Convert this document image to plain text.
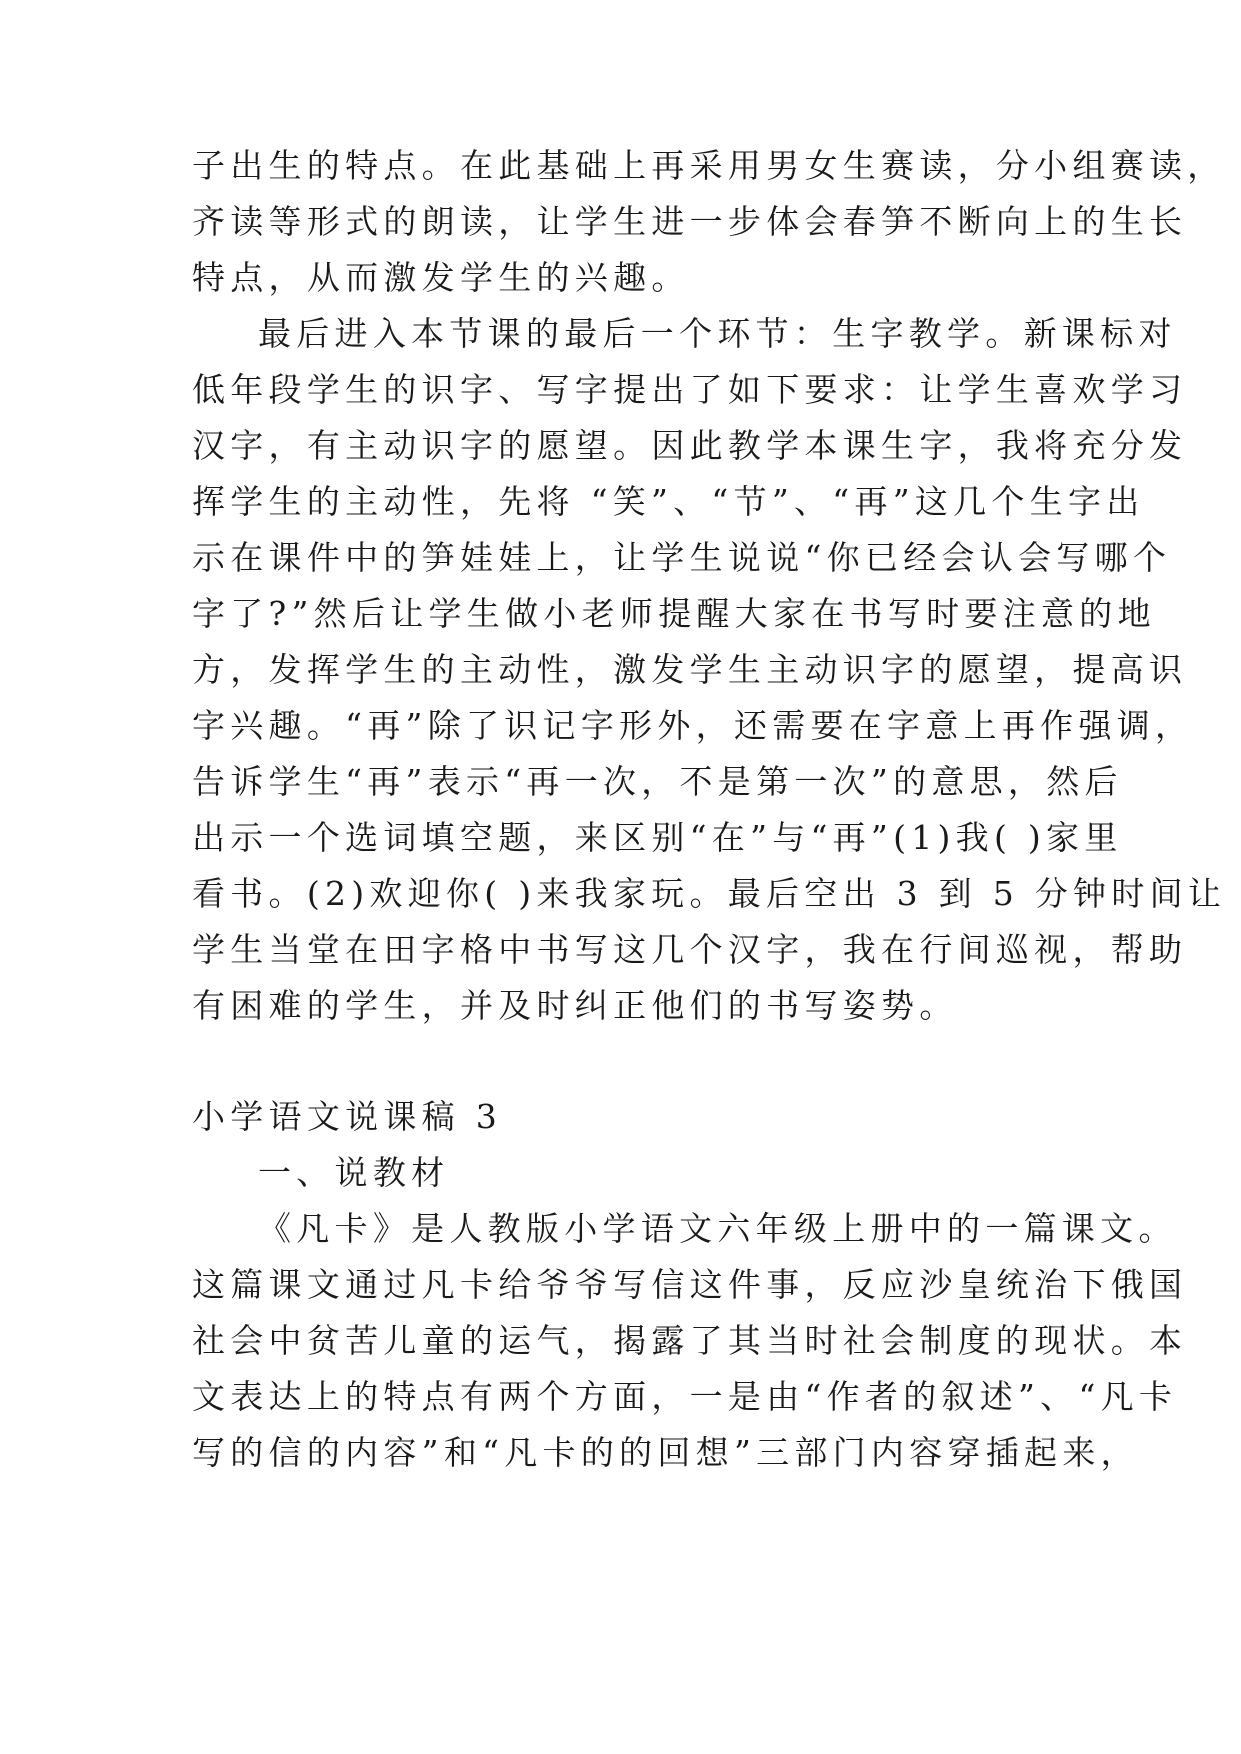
子出生的特点。在此基础上再采用男女生赛读，分小组赛读，
齐读等形式的朗读，让学生进一步体会春笋不断向上的生长
特点，从而激发学生的兴趣。
最后进入本节课的最后一个环节：生字教学。新课标对
低年段学生的识字、写字提出了如下要求：让学生喜欢学习
汉字，有主动识字的愿望。因此教学本课生字，我将充分发
挥学生的主动性，先将 “笑”、“节”、“再”这几个生字出
示在课件中的笋娃娃上，让学生说说“你已经会认会写哪个
字了?”然后让学生做小老师提醒大家在书写时要注意的地
方，发挥学生的主动性，激发学生主动识字的愿望，提高识
字兴趣。“再”除了识记字形外，还需要在字意上再作强调，
告诉学生“再”表示“再一次，不是第一次”的意思，然后
出示一个选词填空题，来区别“在”与“再”(1)我( )家里
看书。(2)欢迎你( )来我家玩。最后空出 3 到 5 分钟时间让
学生当堂在田字格中书写这几个汉字，我在行间巡视，帮助
有困难的学生，并及时纠正他们的书写姿势。
小学语文说课稿 3
一、说教材
《凡卡》是人教版小学语文六年级上册中的一篇课文。
这篇课文通过凡卡给爷爷写信这件事，反应沙皇统治下俄国
社会中贫苦儿童的运气，揭露了其当时社会制度的现状。本
文表达上的特点有两个方面，一是由“作者的叙述”、“凡卡
写的信的内容”和“凡卡的的回想”三部门内容穿插起来，
